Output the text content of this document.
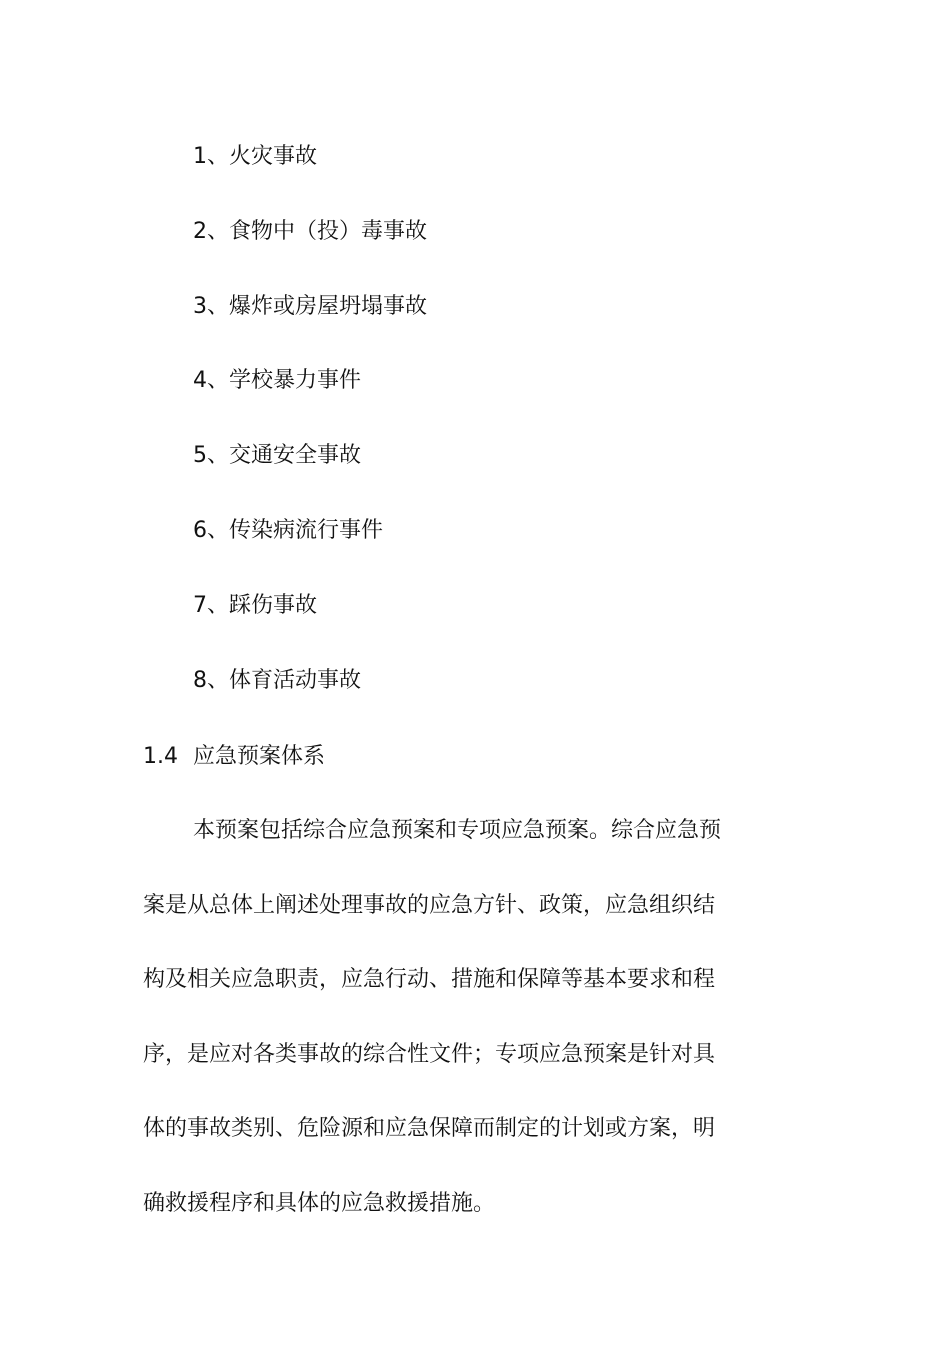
1、火灾事故
2、食物中（投）毒事故
3、爆炸或房屋坍塌事故
4、学校暴力事件
5、交通安全事故
6、传染病流行事件
7、踩伤事故
8、体育活动事故
1.4 应急预案体系
本预案包括综合应急预案和专项应急预案。综合应急预
案是从总体上阐述处理事故的应急方针、政策，应急组织结
构及相关应急职责，应急行动、措施和保障等基本要求和程
序，是应对各类事故的综合性文件；专项应急预案是针对具
体的事故类别、危险源和应急保障而制定的计划或方案，明
确救援程序和具体的应急救援措施。
